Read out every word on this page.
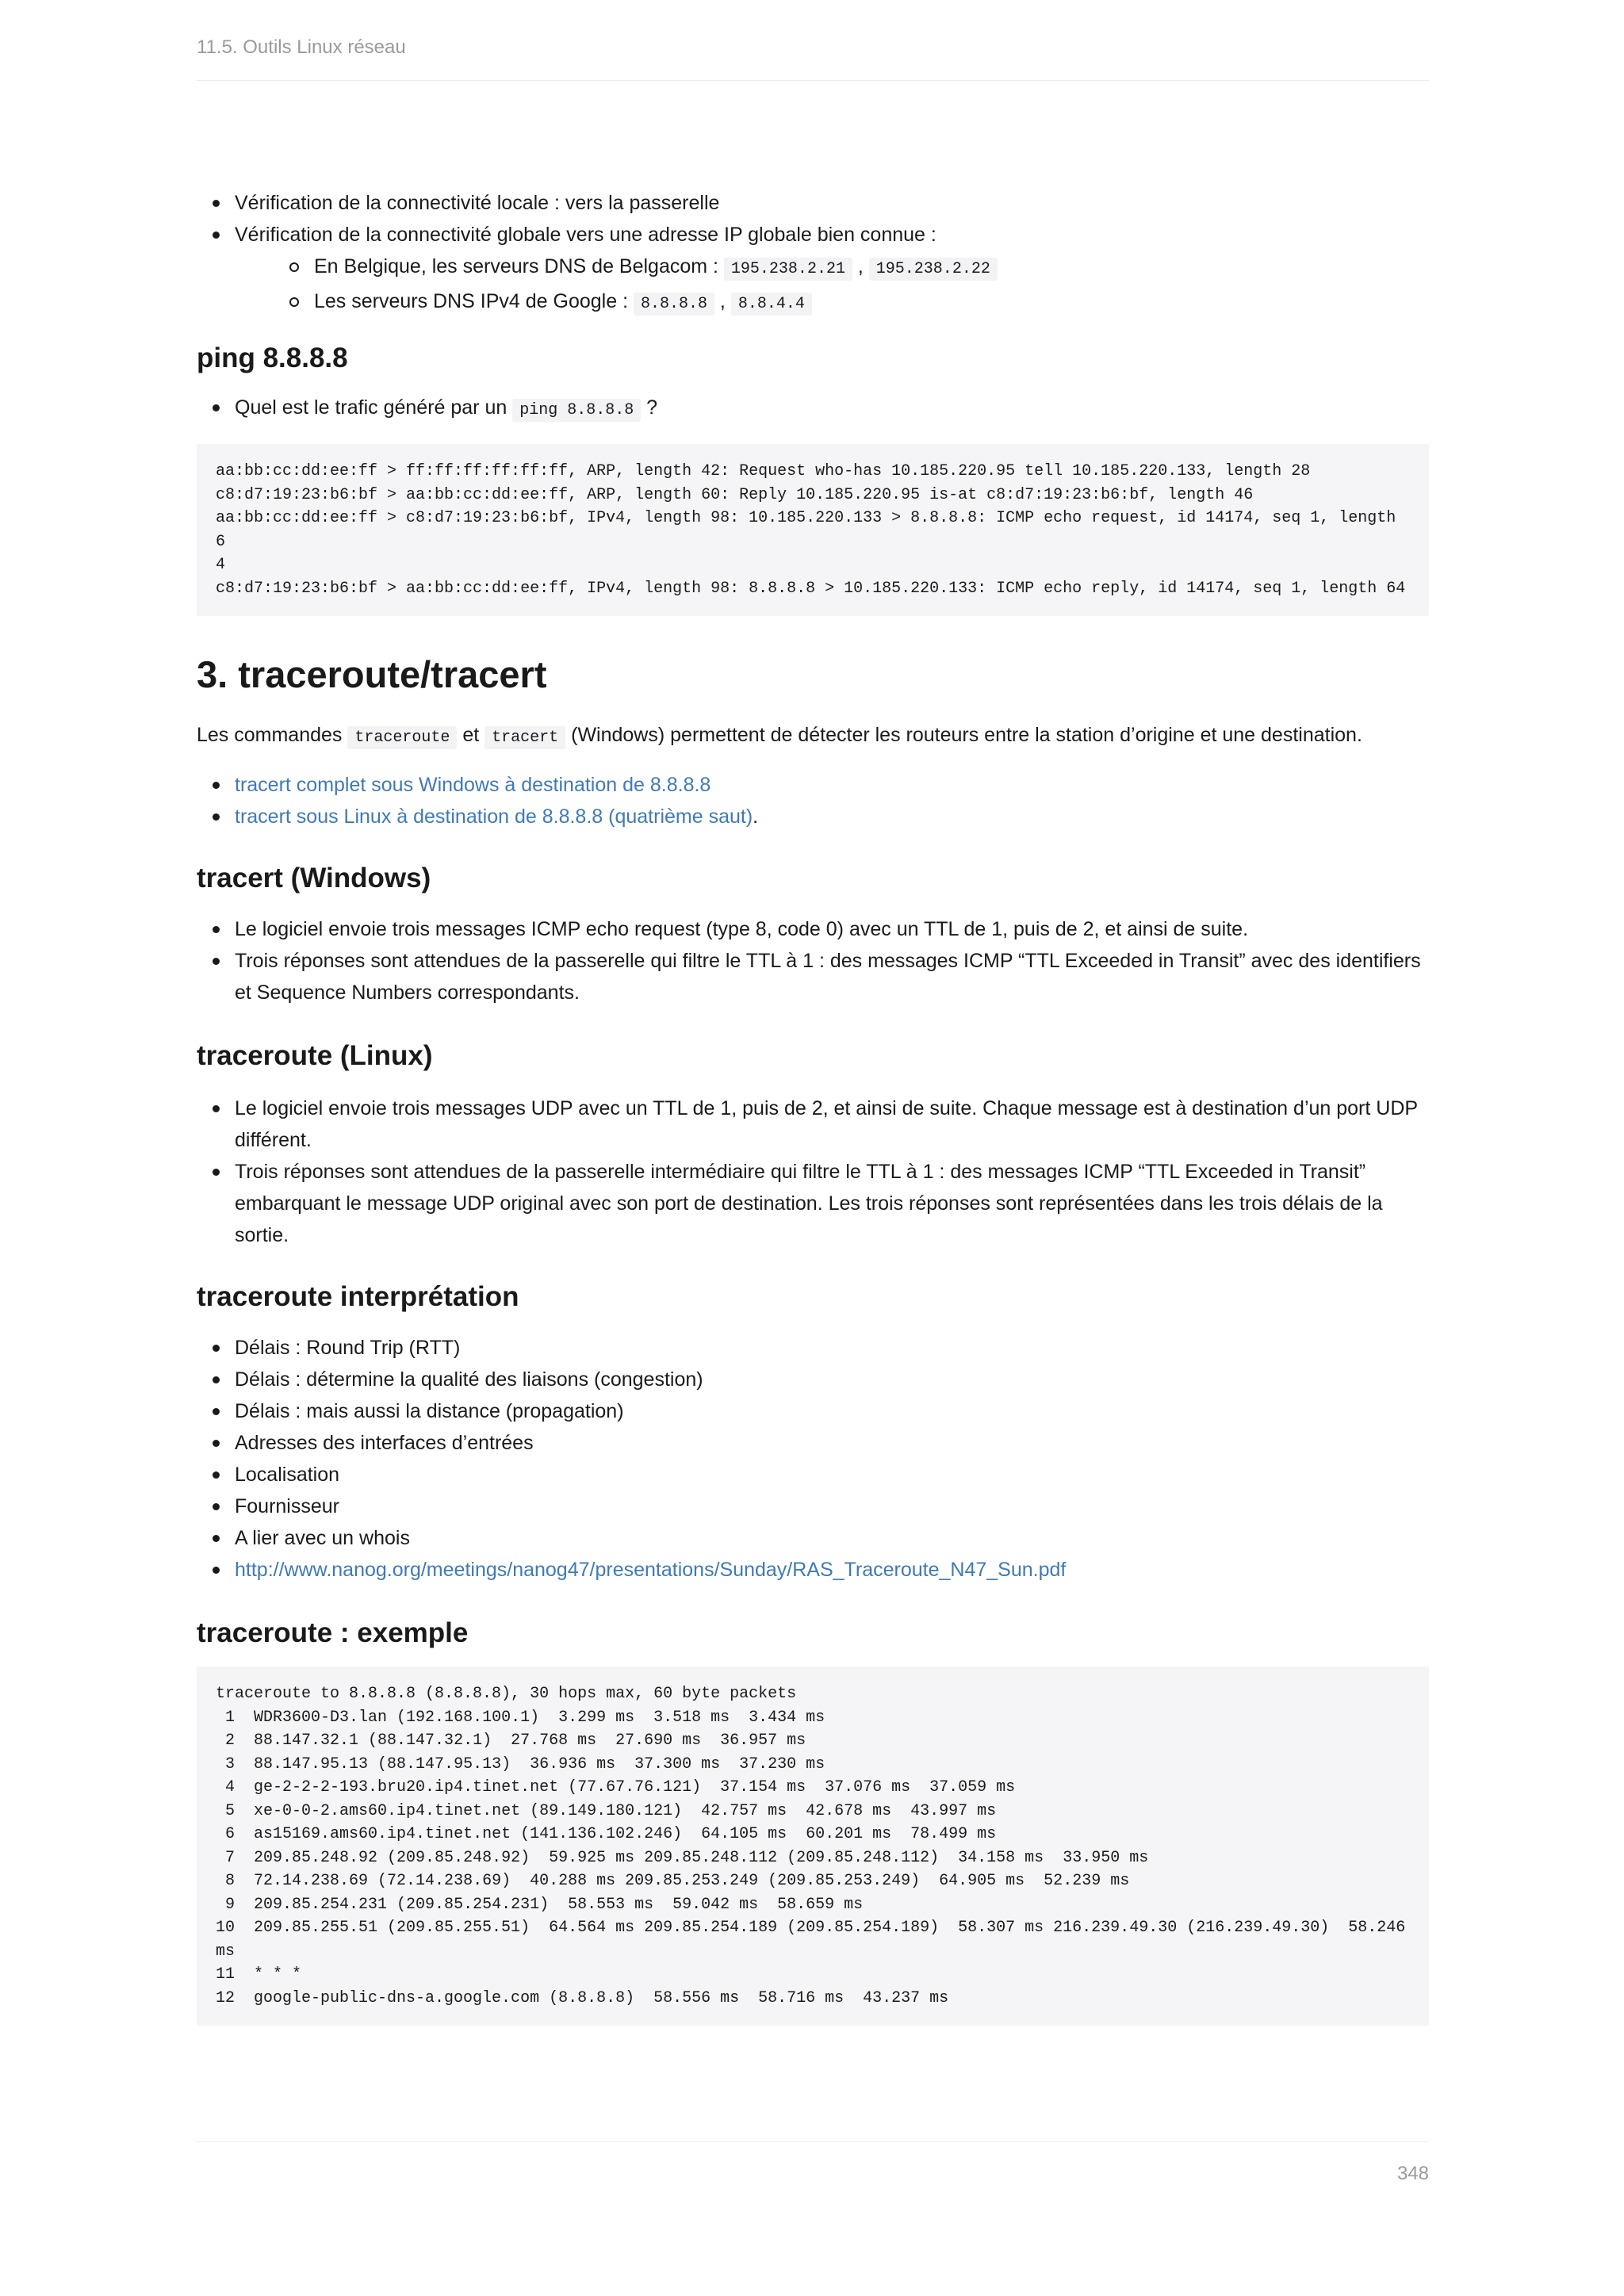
11.5. Outils Linux réseau
Vérification de la connectivité locale : vers la passerelle
Vérification de la connectivité globale vers une adresse IP globale bien connue :
En Belgique, les serveurs DNS de Belgacom : 195.238.2.21 , 195.238.2.22
Les serveurs DNS IPv4 de Google : 8.8.8.8 , 8.8.4.4
ping 8.8.8.8
Quel est le trafic généré par un ping 8.8.8.8 ?
aa:bb:cc:dd:ee:ff > ff:ff:ff:ff:ff:ff, ARP, length 42: Request who-has 10.185.220.95 tell 10.185.220.133, length 28
c8:d7:19:23:b6:bf > aa:bb:cc:dd:ee:ff, ARP, length 60: Reply 10.185.220.95 is-at c8:d7:19:23:b6:bf, length 46
aa:bb:cc:dd:ee:ff > c8:d7:19:23:b6:bf, IPv4, length 98: 10.185.220.133 > 8.8.8.8: ICMP echo request, id 14174, seq 1, length 6
4
c8:d7:19:23:b6:bf > aa:bb:cc:dd:ee:ff, IPv4, length 98: 8.8.8.8 > 10.185.220.133: ICMP echo reply, id 14174, seq 1, length 64
3. traceroute/tracert

Les commandes traceroute et tracert (Windows) permettent de détecter les routeurs entre la station d’origine et une destination.

tracert complet sous Windows à destination de 8.8.8.8
tracert sous Linux à destination de 8.8.8.8 (quatrième saut).
tracert (Windows)
Le logiciel envoie trois messages ICMP echo request (type 8, code 0) avec un TTL de 1, puis de 2, et ainsi de suite.
Trois réponses sont attendues de la passerelle qui filtre le TTL à 1 : des messages ICMP “TTL Exceeded in Transit” avec des identifiers et Sequence Numbers correspondants.
traceroute (Linux)
Le logiciel envoie trois messages UDP avec un TTL de 1, puis de 2, et ainsi de suite. Chaque message est à destination d’un port UDP différent.
Trois réponses sont attendues de la passerelle intermédiaire qui filtre le TTL à 1 : des messages ICMP “TTL Exceeded in Transit” embarquant le message UDP original avec son port de destination. Les trois réponses sont représentées dans les trois délais de la sortie.
traceroute interprétation
Délais : Round Trip (RTT)
Délais : détermine la qualité des liaisons (congestion)
Délais : mais aussi la distance (propagation)
Adresses des interfaces d’entrées
Localisation
Fournisseur
A lier avec un whois
http://www.nanog.org/meetings/nanog47/presentations/Sunday/RAS_Traceroute_N47_Sun.pdf
traceroute : exemple
traceroute to 8.8.8.8 (8.8.8.8), 30 hops max, 60 byte packets
1  WDR3600-D3.lan (192.168.100.1)  3.299 ms  3.518 ms  3.434 ms
2  88.147.32.1 (88.147.32.1)  27.768 ms  27.690 ms  36.957 ms
3  88.147.95.13 (88.147.95.13)  36.936 ms  37.300 ms  37.230 ms
4  ge-2-2-2-193.bru20.ip4.tinet.net (77.67.76.121)  37.154 ms  37.076 ms  37.059 ms
5  xe-0-0-2.ams60.ip4.tinet.net (89.149.180.121)  42.757 ms  42.678 ms  43.997 ms
6  as15169.ams60.ip4.tinet.net (141.136.102.246)  64.105 ms  60.201 ms  78.499 ms
7  209.85.248.92 (209.85.248.92)  59.925 ms 209.85.248.112 (209.85.248.112)  34.158 ms  33.950 ms
8  72.14.238.69 (72.14.238.69)  40.288 ms 209.85.253.249 (209.85.253.249)  64.905 ms  52.239 ms
9  209.85.254.231 (209.85.254.231)  58.553 ms  59.042 ms  58.659 ms
10  209.85.255.51 (209.85.255.51)  64.564 ms 209.85.254.189 (209.85.254.189)  58.307 ms 216.239.49.30 (216.239.49.30)  58.246
ms
11  * * *
12  google-public-dns-a.google.com (8.8.8.8)  58.556 ms  58.716 ms  43.237 ms
348
